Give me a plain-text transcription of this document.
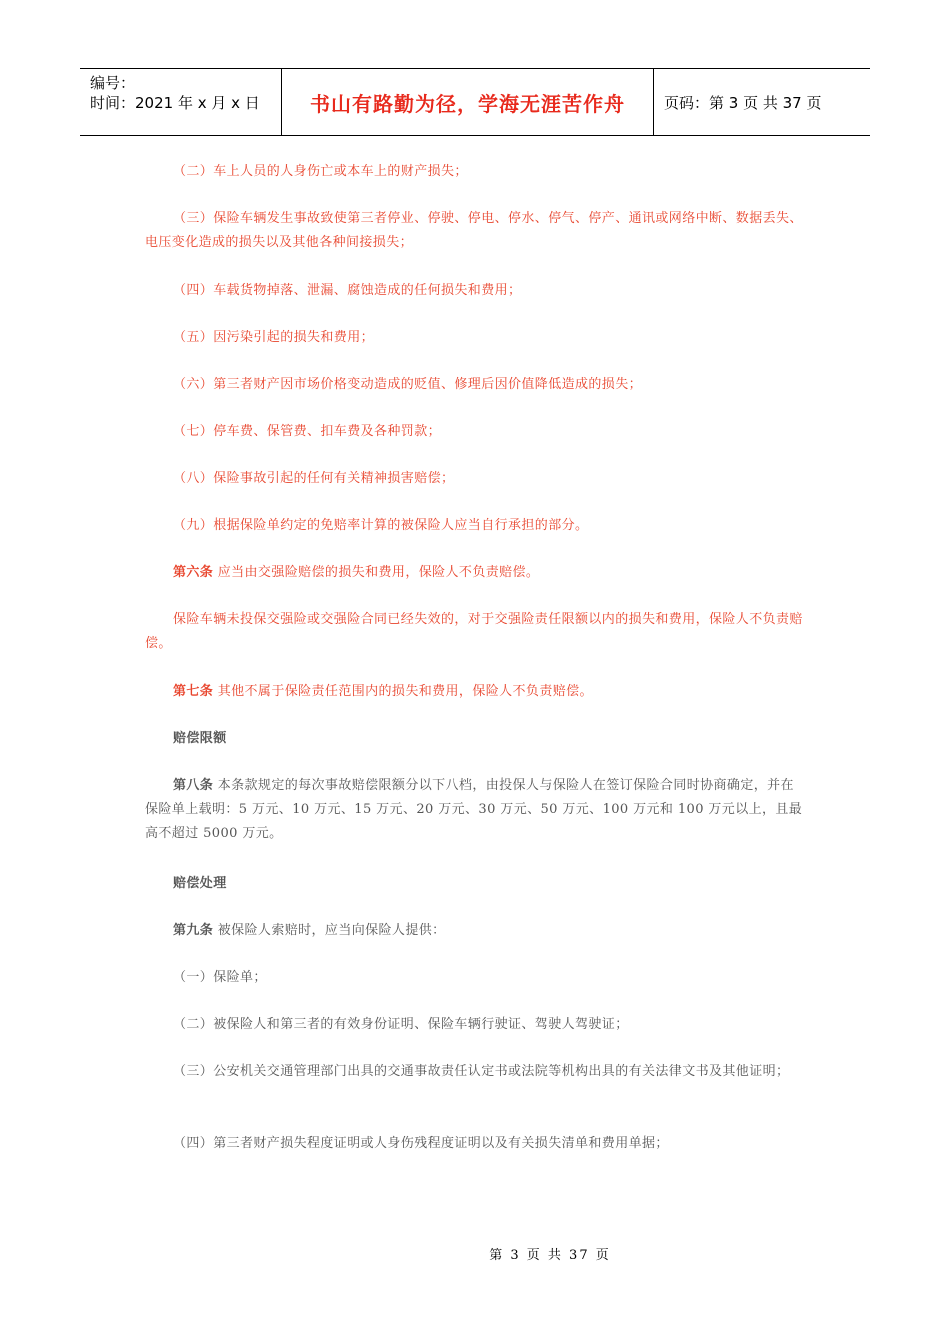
编号：
时间：2021 年 x 月 x 日	书山有路勤为径，学海无涯苦作舟	页码：第 3 页 共 37 页

（二）车上人员的人身伤亡或本车上的财产损失；

（三）保险车辆发生事故致使第三者停业、停驶、停电、停水、停气、停产、通讯或网络中断、数据丢失、电压变化造成的损失以及其他各种间接损失；

（四）车载货物掉落、泄漏、腐蚀造成的任何损失和费用；

（五）因污染引起的损失和费用；

（六）第三者财产因市场价格变动造成的贬值、修理后因价值降低造成的损失；

（七）停车费、保管费、扣车费及各种罚款；

（八）保险事故引起的任何有关精神损害赔偿；

（九）根据保险单约定的免赔率计算的被保险人应当自行承担的部分。

第六条 应当由交强险赔偿的损失和费用，保险人不负责赔偿。

保险车辆未投保交强险或交强险合同已经失效的，对于交强险责任限额以内的损失和费用，保险人不负责赔偿。

第七条 其他不属于保险责任范围内的损失和费用，保险人不负责赔偿。

赔偿限额

第八条 本条款规定的每次事故赔偿限额分以下八档，由投保人与保险人在签订保险合同时协商确定，并在保险单上载明：5 万元、10 万元、15 万元、20 万元、30 万元、50 万元、100 万元和 100 万元以上，且最高不超过 5000 万元。

赔偿处理

第九条 被保险人索赔时，应当向保险人提供：

（一）保险单；

（二）被保险人和第三者的有效身份证明、保险车辆行驶证、驾驶人驾驶证；

（三）公安机关交通管理部门出具的交通事故责任认定书或法院等机构出具的有关法律文书及其他证明；

（四）第三者财产损失程度证明或人身伤残程度证明以及有关损失清单和费用单据；

第 3 页 共 37 页
